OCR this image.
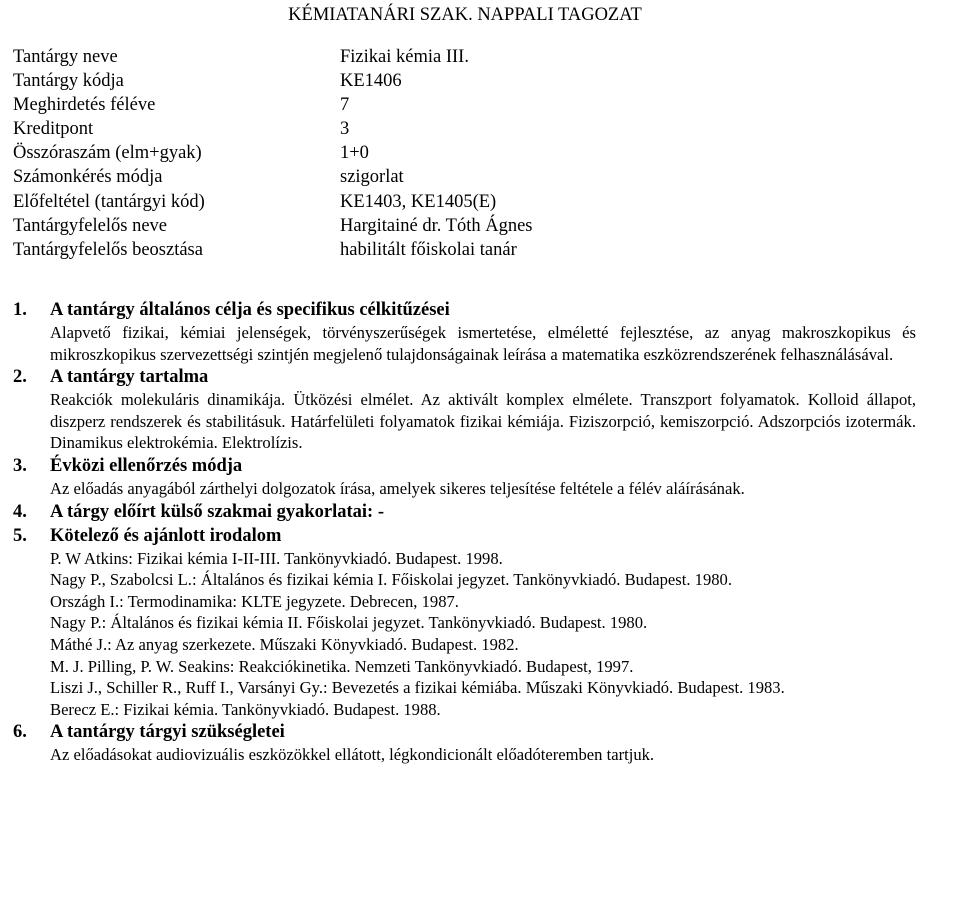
KÉMIATANÁRI SZAK. NAPPALI TAGOZAT
Tantárgy neve	Fizikai kémia III.
Tantárgy kódja	KE1406
Meghirdetés féléve	7
Kreditpont	3
Összóraszám (elm+gyak)	1+0
Számonkérés módja	szigorlat
Előfeltétel (tantárgyi kód)	KE1403, KE1405(E)
Tantárgyfelelős neve	Hargitainé dr. Tóth Ágnes
Tantárgyfelelős beosztása	habilitált főiskolai tanár
1. A tantárgy általános célja és specifikus célkitűzései
Alapvető fizikai, kémiai jelenségek, törvényszerűségek ismertetése, elméletté fejlesztése, az anyag makroszkopikus és mikroszkopikus szervezettségi szintjén megjelenő tulajdonságainak leírása a matematika eszközrendszerének felhasználásával.
2. A tantárgy tartalma
Reakciók molekuláris dinamikája. Ütközési elmélet. Az aktivált komplex elmélete. Transzport folyamatok. Kolloid állapot, diszperz rendszerek és stabilitásuk. Határfelületi folyamatok fizikai kémiája. Fiziszorpció, kemiszorpció. Adszorpciós izotermák. Dinamikus elektrokémia. Elektrolízis.
3. Évközi ellenőrzés módja
Az előadás anyagából zárthelyi dolgozatok írása, amelyek sikeres teljesítése feltétele a félév aláírásának.
4. A tárgy előírt külső szakmai gyakorlatai: -
5. Kötelező és ajánlott irodalom
P. W Atkins: Fizikai kémia I-II-III. Tankönyvkiadó. Budapest. 1998.
Nagy P., Szabolcsi L.: Általános és fizikai kémia I. Főiskolai jegyzet. Tankönyvkiadó. Budapest. 1980.
Országh I.: Termodinamika: KLTE jegyzete. Debrecen, 1987.
Nagy P.: Általános és fizikai kémia II. Főiskolai jegyzet. Tankönyvkiadó. Budapest. 1980.
Máthé J.: Az anyag szerkezete. Műszaki Könyvkiadó. Budapest. 1982.
M. J. Pilling, P. W. Seakins: Reakciókinetika. Nemzeti Tankönyvkiadó. Budapest, 1997.
Liszi J., Schiller R., Ruff I., Varsányi Gy.: Bevezetés a fizikai kémiába. Műszaki Könyvkiadó. Budapest. 1983.
Berecz E.: Fizikai kémia. Tankönyvkiadó. Budapest. 1988.
6. A tantárgy tárgyi szükségletei
Az előadásokat audiovizuális eszközökkel ellátott, légkondicionált előadóteremben tartjuk.
